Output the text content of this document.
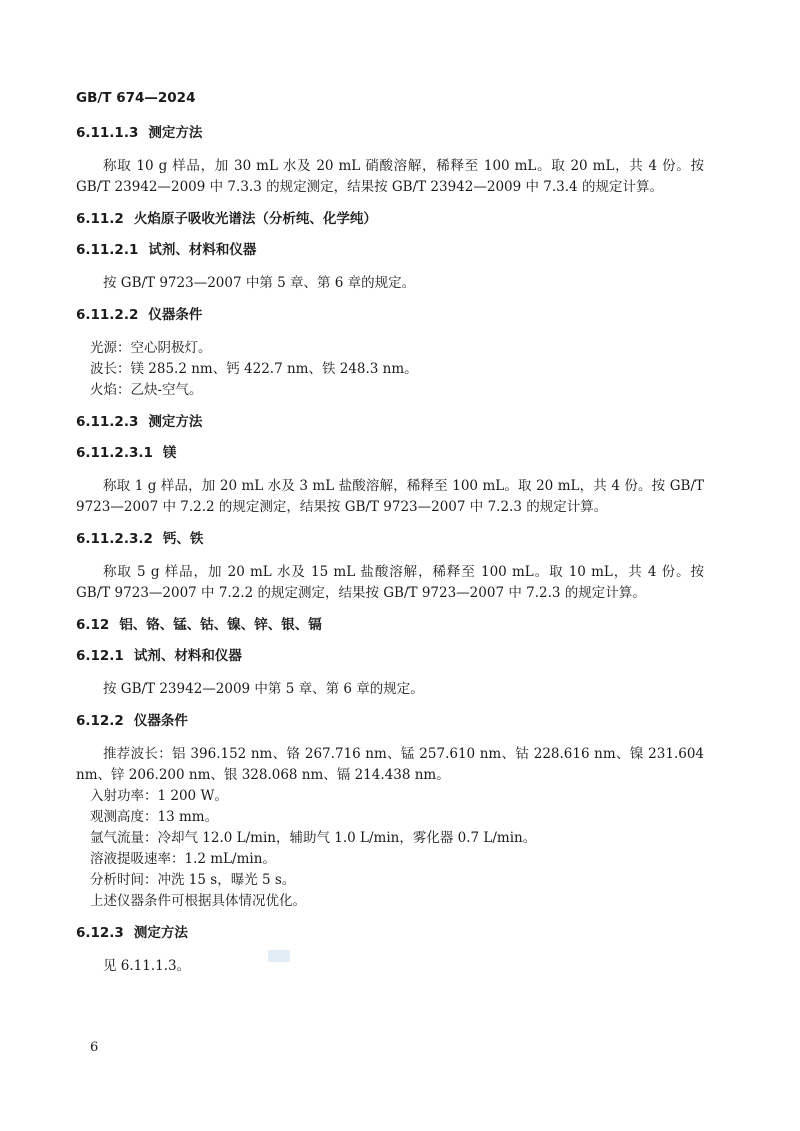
GB/T 674—2024
6.11.1.3 测定方法
称取 10 g 样品，加 30 mL 水及 20 mL 硝酸溶解，稀释至 100 mL。取 20 mL，共 4 份。按 GB/T 23942—2009 中 7.3.3 的规定测定，结果按 GB/T 23942—2009 中 7.3.4 的规定计算。
6.11.2 火焰原子吸收光谱法（分析纯、化学纯）
6.11.2.1 试剂、材料和仪器
按 GB/T 9723—2007 中第 5 章、第 6 章的规定。
6.11.2.2 仪器条件
光源：空心阴极灯。
波长：镁 285.2 nm、钙 422.7 nm、铁 248.3 nm。
火焰：乙炔-空气。
6.11.2.3 测定方法
6.11.2.3.1 镁
称取 1 g 样品，加 20 mL 水及 3 mL 盐酸溶解，稀释至 100 mL。取 20 mL，共 4 份。按 GB/T 9723—2007 中 7.2.2 的规定测定，结果按 GB/T 9723—2007 中 7.2.3 的规定计算。
6.11.2.3.2 钙、铁
称取 5 g 样品，加 20 mL 水及 15 mL 盐酸溶解，稀释至 100 mL。取 10 mL，共 4 份。按 GB/T 9723—2007 中 7.2.2 的规定测定，结果按 GB/T 9723—2007 中 7.2.3 的规定计算。
6.12 铝、铬、锰、钴、镍、锌、银、镉
6.12.1 试剂、材料和仪器
按 GB/T 23942—2009 中第 5 章、第 6 章的规定。
6.12.2 仪器条件
推荐波长：铝 396.152 nm、铬 267.716 nm、锰 257.610 nm、钴 228.616 nm、镍 231.604 nm、锌 206.200 nm、银 328.068 nm、镉 214.438 nm。
入射功率：1 200 W。
观测高度：13 mm。
氩气流量：冷却气 12.0 L/min，辅助气 1.0 L/min，雾化器 0.7 L/min。
溶液提吸速率：1.2 mL/min。
分析时间：冲洗 15 s，曝光 5 s。
上述仪器条件可根据具体情况优化。
6.12.3 测定方法
见 6.11.1.3。
6
